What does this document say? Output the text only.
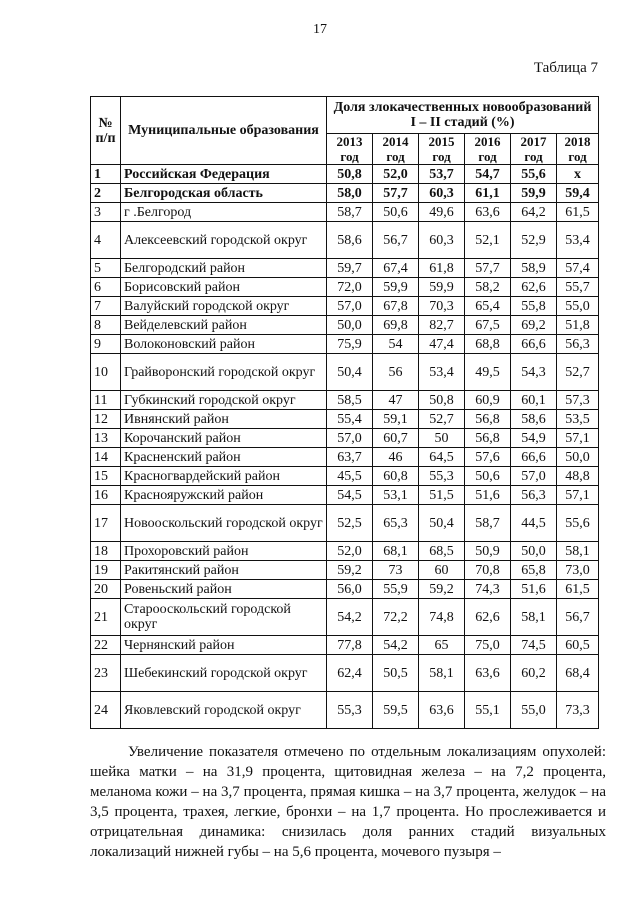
17
Таблица 7
№ п/п	Муниципальные образования	Доля злокачественных новообразований I – II стадий (%)					
		2013 год	2014 год	2015 год	2016 год	2017 год	2018 год
1	Российская Федерация	50,8	52,0	53,7	54,7	55,6	х
2	Белгородская область	58,0	57,7	60,3	61,1	59,9	59,4
3	г .Белгород	58,7	50,6	49,6	63,6	64,2	61,5
4	Алексеевский городской округ	58,6	56,7	60,3	52,1	52,9	53,4
5	Белгородский район	59,7	67,4	61,8	57,7	58,9	57,4
6	Борисовский район	72,0	59,9	59,9	58,2	62,6	55,7
7	Валуйский городской округ	57,0	67,8	70,3	65,4	55,8	55,0
8	Вейделевский район	50,0	69,8	82,7	67,5	69,2	51,8
9	Волоконовский район	75,9	54	47,4	68,8	66,6	56,3
10	Грайворонский городской округ	50,4	56	53,4	49,5	54,3	52,7
11	Губкинский городской округ	58,5	47	50,8	60,9	60,1	57,3
12	Ивнянский район	55,4	59,1	52,7	56,8	58,6	53,5
13	Корочанский район	57,0	60,7	50	56,8	54,9	57,1
14	Красненский район	63,7	46	64,5	57,6	66,6	50,0
15	Красногвардейский район	45,5	60,8	55,3	50,6	57,0	48,8
16	Краснояружский район	54,5	53,1	51,5	51,6	56,3	57,1
17	Новооскольский городской округ	52,5	65,3	50,4	58,7	44,5	55,6
18	Прохоровский район	52,0	68,1	68,5	50,9	50,0	58,1
19	Ракитянский район	59,2	73	60	70,8	65,8	73,0
20	Ровеньский район	56,0	55,9	59,2	74,3	51,6	61,5
21	Старооскольский городской округ	54,2	72,2	74,8	62,6	58,1	56,7
22	Чернянский район	77,8	54,2	65	75,0	74,5	60,5
23	Шебекинский городской округ	62,4	50,5	58,1	63,6	60,2	68,4
24	Яковлевский городской округ	55,3	59,5	63,6	55,1	55,0	73,3

Увеличение показателя отмечено по отдельным локализациям опухолей: шейка матки – на 31,9 процента, щитовидная железа – на 7,2 процента, меланома кожи – на 3,7 процента, прямая кишка – на 3,7 процента, желудок – на 3,5 процента, трахея, легкие, бронхи – на 1,7 процента. Но прослеживается и отрицательная динамика: снизилась доля ранних стадий визуальных локализаций нижней губы – на 5,6 процента, мочевого пузыря –
